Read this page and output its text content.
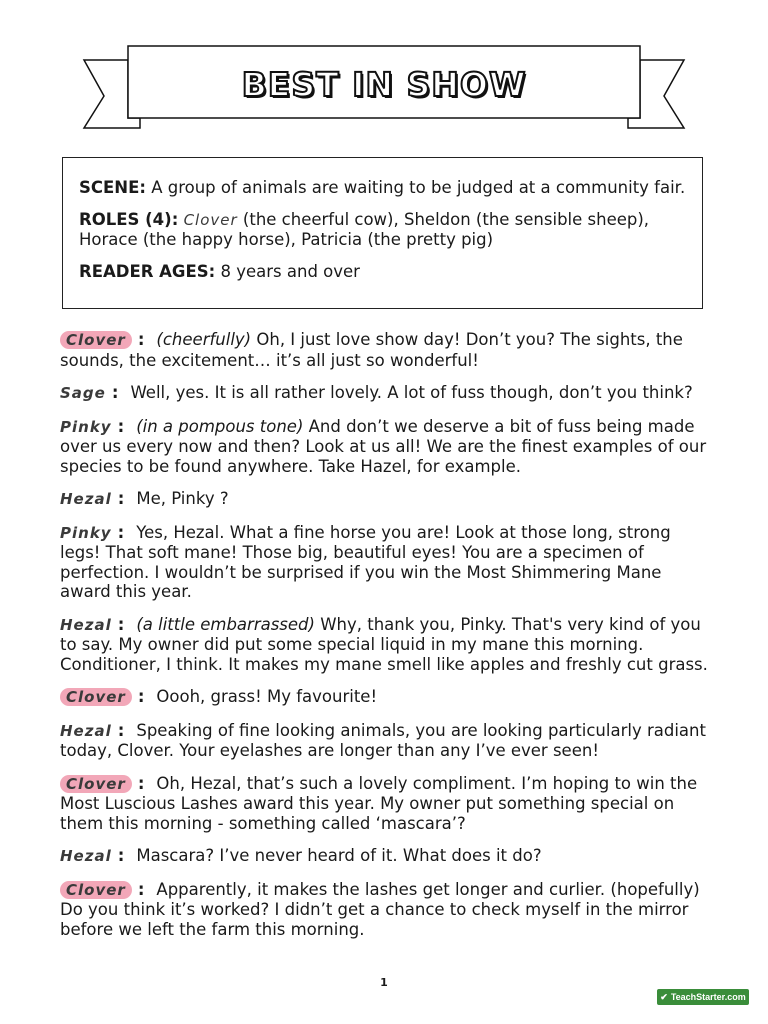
BEST IN SHOW

SCENE: A group of animals are waiting to be judged at a community fair.

ROLES (4): Clover (the cheerful cow), Sheldon (the sensible sheep),
Horace (the happy horse), Patricia (the pretty pig)

READER AGES: 8 years and over

Clover : (cheerfully) Oh, I just love show day! Don’t you? The sights, the sounds, the excitement… it’s all just so wonderful!

Sage : Well, yes. It is all rather lovely. A lot of fuss though, don’t you think?

Pinky : (in a pompous tone) And don’t we deserve a bit of fuss being made over us every now and then? Look at us all! We are the finest examples of our species to be found anywhere. Take Hazel, for example.

Hezal : Me, Pinky ?

Pinky : Yes, Hezal. What a fine horse you are! Look at those long, strong legs! That soft mane! Those big, beautiful eyes! You are a specimen of perfection. I wouldn’t be surprised if you win the Most Shimmering Mane award this year.

Hezal : (a little embarrassed) Why, thank you, Pinky. That's very kind of you to say. My owner did put some special liquid in my mane this morning. Conditioner, I think. It makes my mane smell like apples and freshly cut grass.

Clover : Oooh, grass! My favourite!

Hezal : Speaking of fine looking animals, you are looking particularly radiant today, Clover. Your eyelashes are longer than any I’ve ever seen!

Clover : Oh, Hezal, that’s such a lovely compliment. I’m hoping to win the Most Luscious Lashes award this year. My owner put something special on them this morning - something called ‘mascara’?

Hezal : Mascara? I’ve never heard of it. What does it do?

Clover : Apparently, it makes the lashes get longer and curlier. (hopefully) Do you think it’s worked? I didn’t get a chance to check myself in the mirror before we left the farm this morning.

1
✔ TeachStarter.com
